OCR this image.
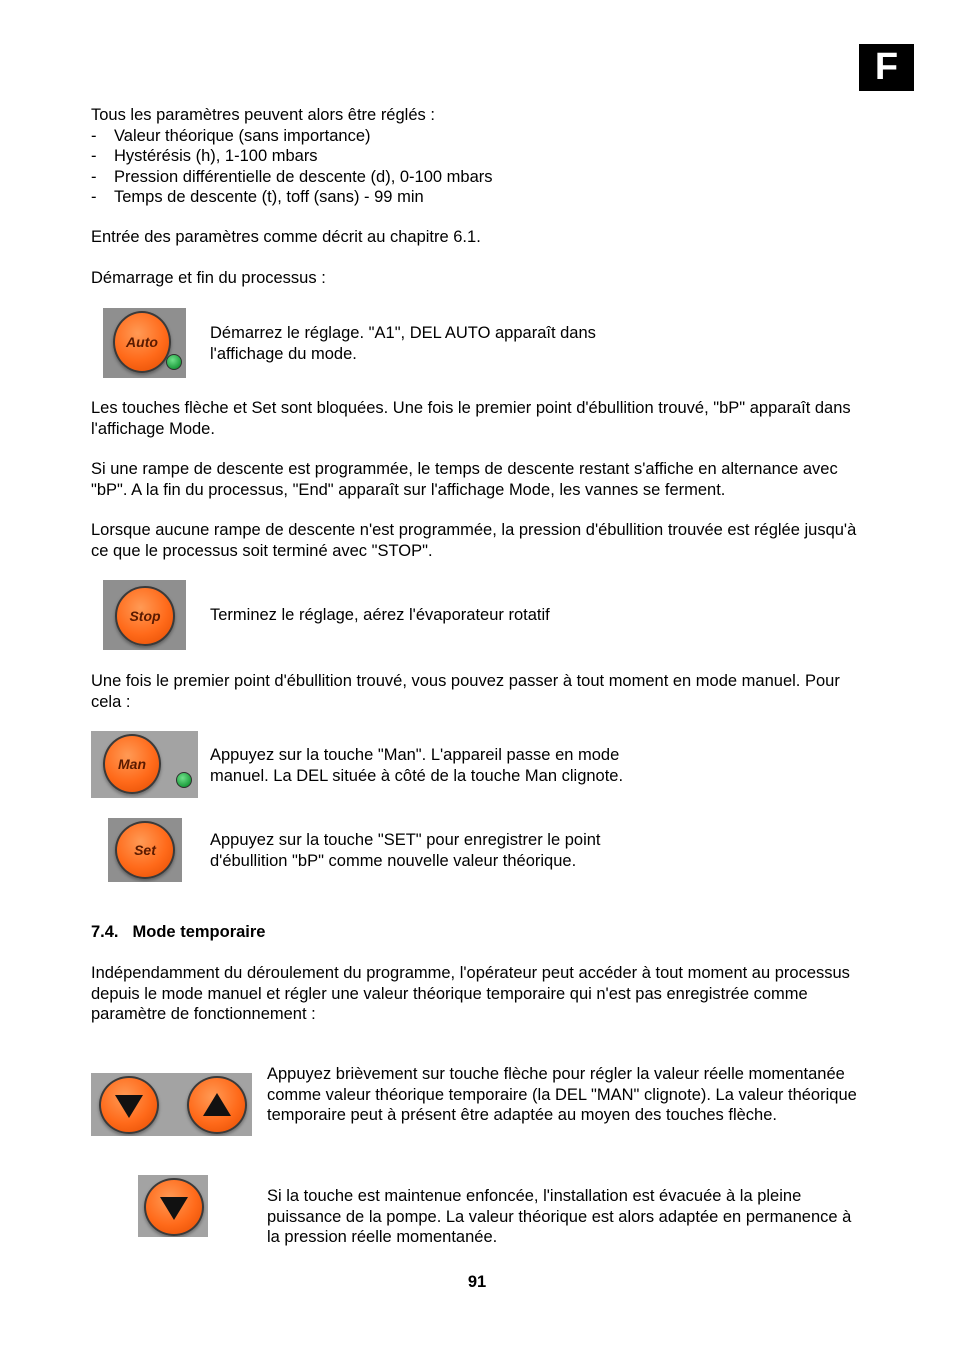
F
Tous les paramètres peuvent alors être réglés :
- Valeur théorique (sans importance)
- Hystérésis (h), 1-100 mbars
- Pression différentielle de descente (d), 0-100 mbars
- Temps de descente (t), toff (sans) - 99 min
Entrée des paramètres comme décrit au chapitre 6.1.
Démarrage et fin du processus :
Auto	Démarrez le réglage. "A1", DEL AUTO apparaît dans l'affichage du mode.
Les touches flèche et Set sont bloquées. Une fois le premier point d'ébullition trouvé, "bP" apparaît dans l'affichage Mode.
Si une rampe de descente est programmée, le temps de descente restant s'affiche en alternance avec "bP". A la fin du processus, "End" apparaît sur l'affichage Mode, les vannes se ferment.
Lorsque aucune rampe de descente n'est programmée, la pression d'ébullition trouvée est réglée jusqu'à ce que le processus soit terminé avec "STOP".
Stop	Terminez le réglage, aérez l'évaporateur rotatif
Une fois le premier point d'ébullition trouvé, vous pouvez passer à tout moment en mode manuel. Pour cela :
Man	Appuyez sur la touche "Man". L'appareil passe en mode manuel. La DEL située à côté de la touche Man clignote.
Set
Appuyez sur la touche "SET" pour enregistrer le point d'ébullition "bP" comme nouvelle valeur théorique.
7.4. Mode temporaire
Indépendamment du déroulement du programme, l'opérateur peut accéder à tout moment au processus depuis le mode manuel et régler une valeur théorique temporaire qui n'est pas enregistrée comme paramètre de fonctionnement :
Appuyez brièvement sur touche flèche pour régler la valeur réelle momentanée comme valeur théorique temporaire (la DEL "MAN" clignote). La valeur théorique temporaire peut à présent être adaptée au moyen des touches flèche.
Si la touche est maintenue enfoncée, l'installation est évacuée à la pleine puissance de la pompe. La valeur théorique est alors adaptée en permanence à la pression réelle momentanée.
91
